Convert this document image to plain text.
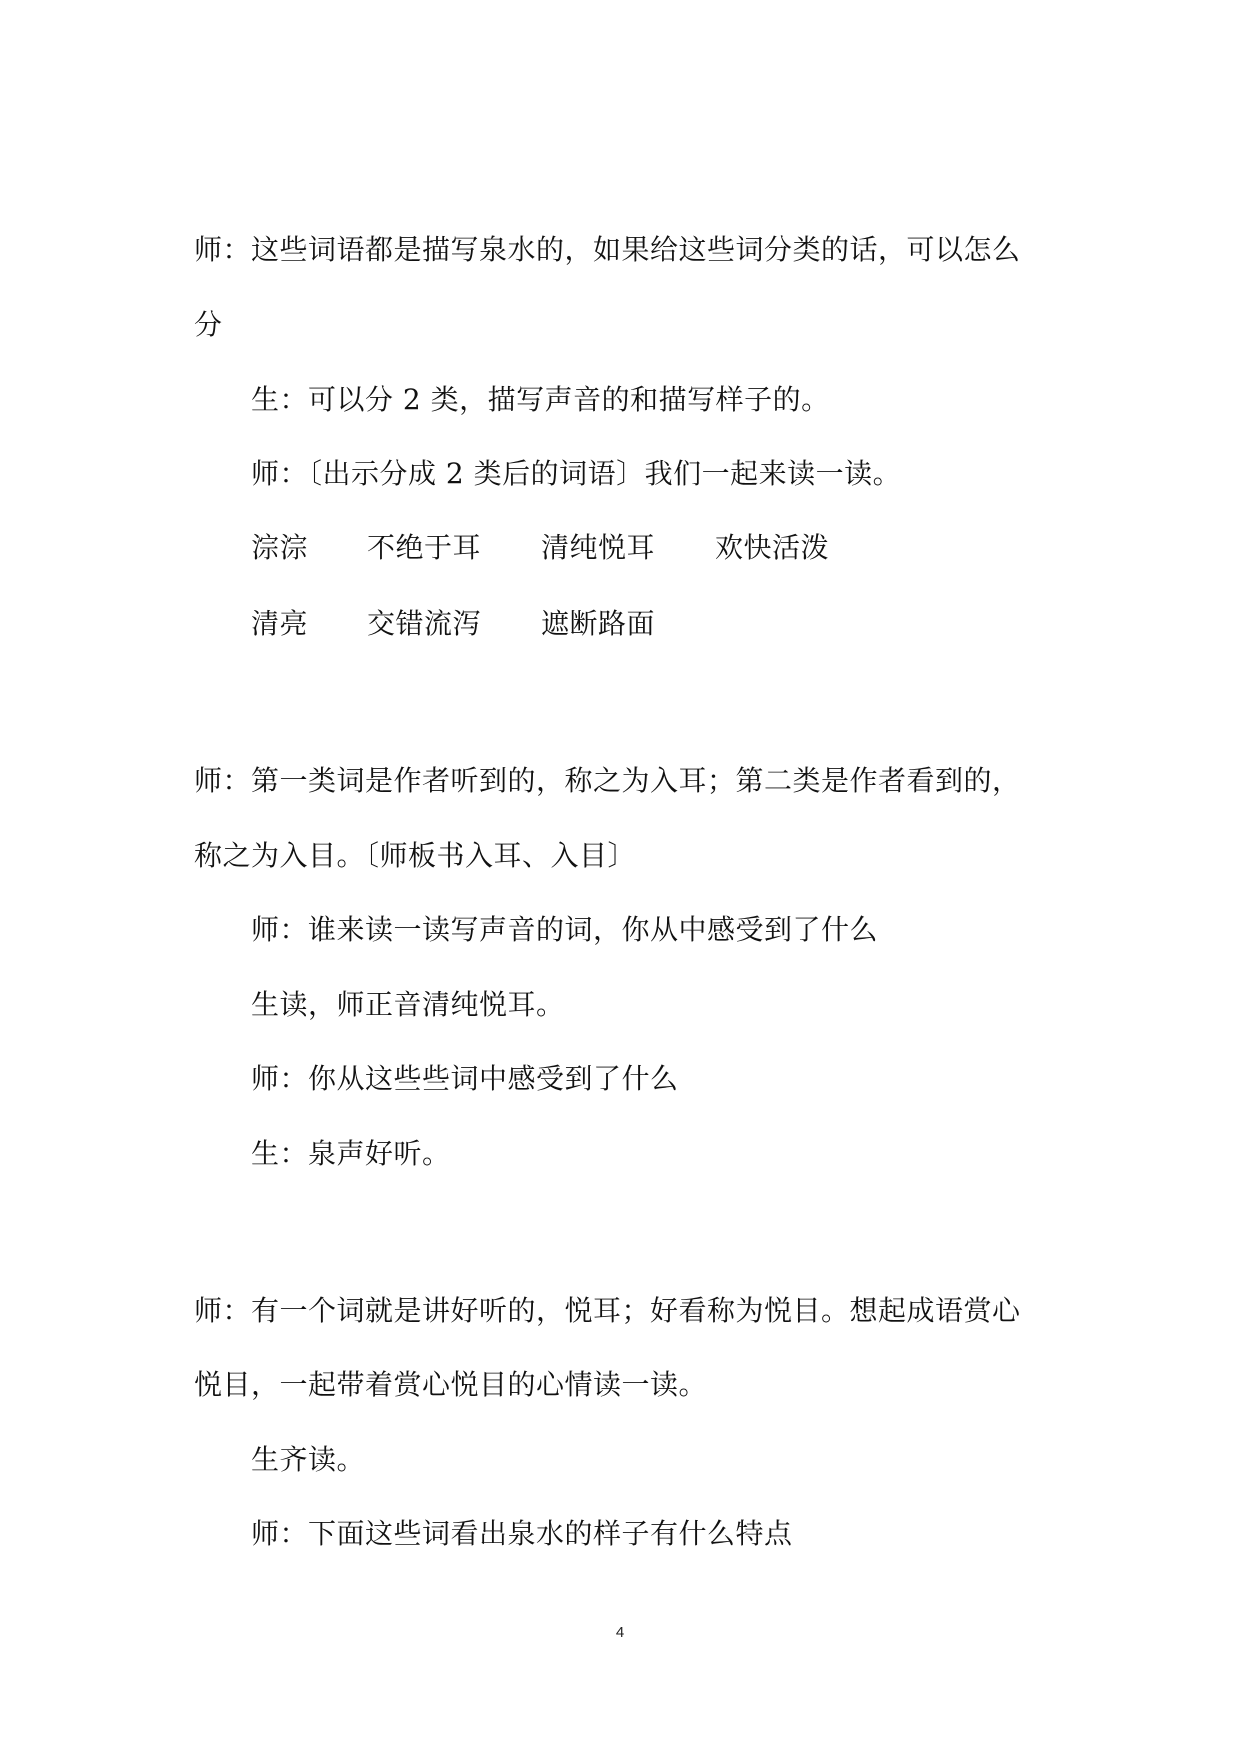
师：这些词语都是描写泉水的，如果给这些词分类的话，可以怎么
分
生：可以分 2 类，描写声音的和描写样子的。
师：〔出示分成 2 类后的词语〕我们一起来读一读。
淙淙 不绝于耳 清纯悦耳 欢快活泼
清亮 交错流泻 遮断路面
师：第一类词是作者听到的，称之为入耳；第二类是作者看到的，
称之为入目。〔师板书入耳、入目〕
师：谁来读一读写声音的词，你从中感受到了什么
生读，师正音清纯悦耳。
师：你从这些些词中感受到了什么
生：泉声好听。
师：有一个词就是讲好听的，悦耳；好看称为悦目。想起成语赏心
悦目，一起带着赏心悦目的心情读一读。
生齐读。
师：下面这些词看出泉水的样子有什么特点
4
